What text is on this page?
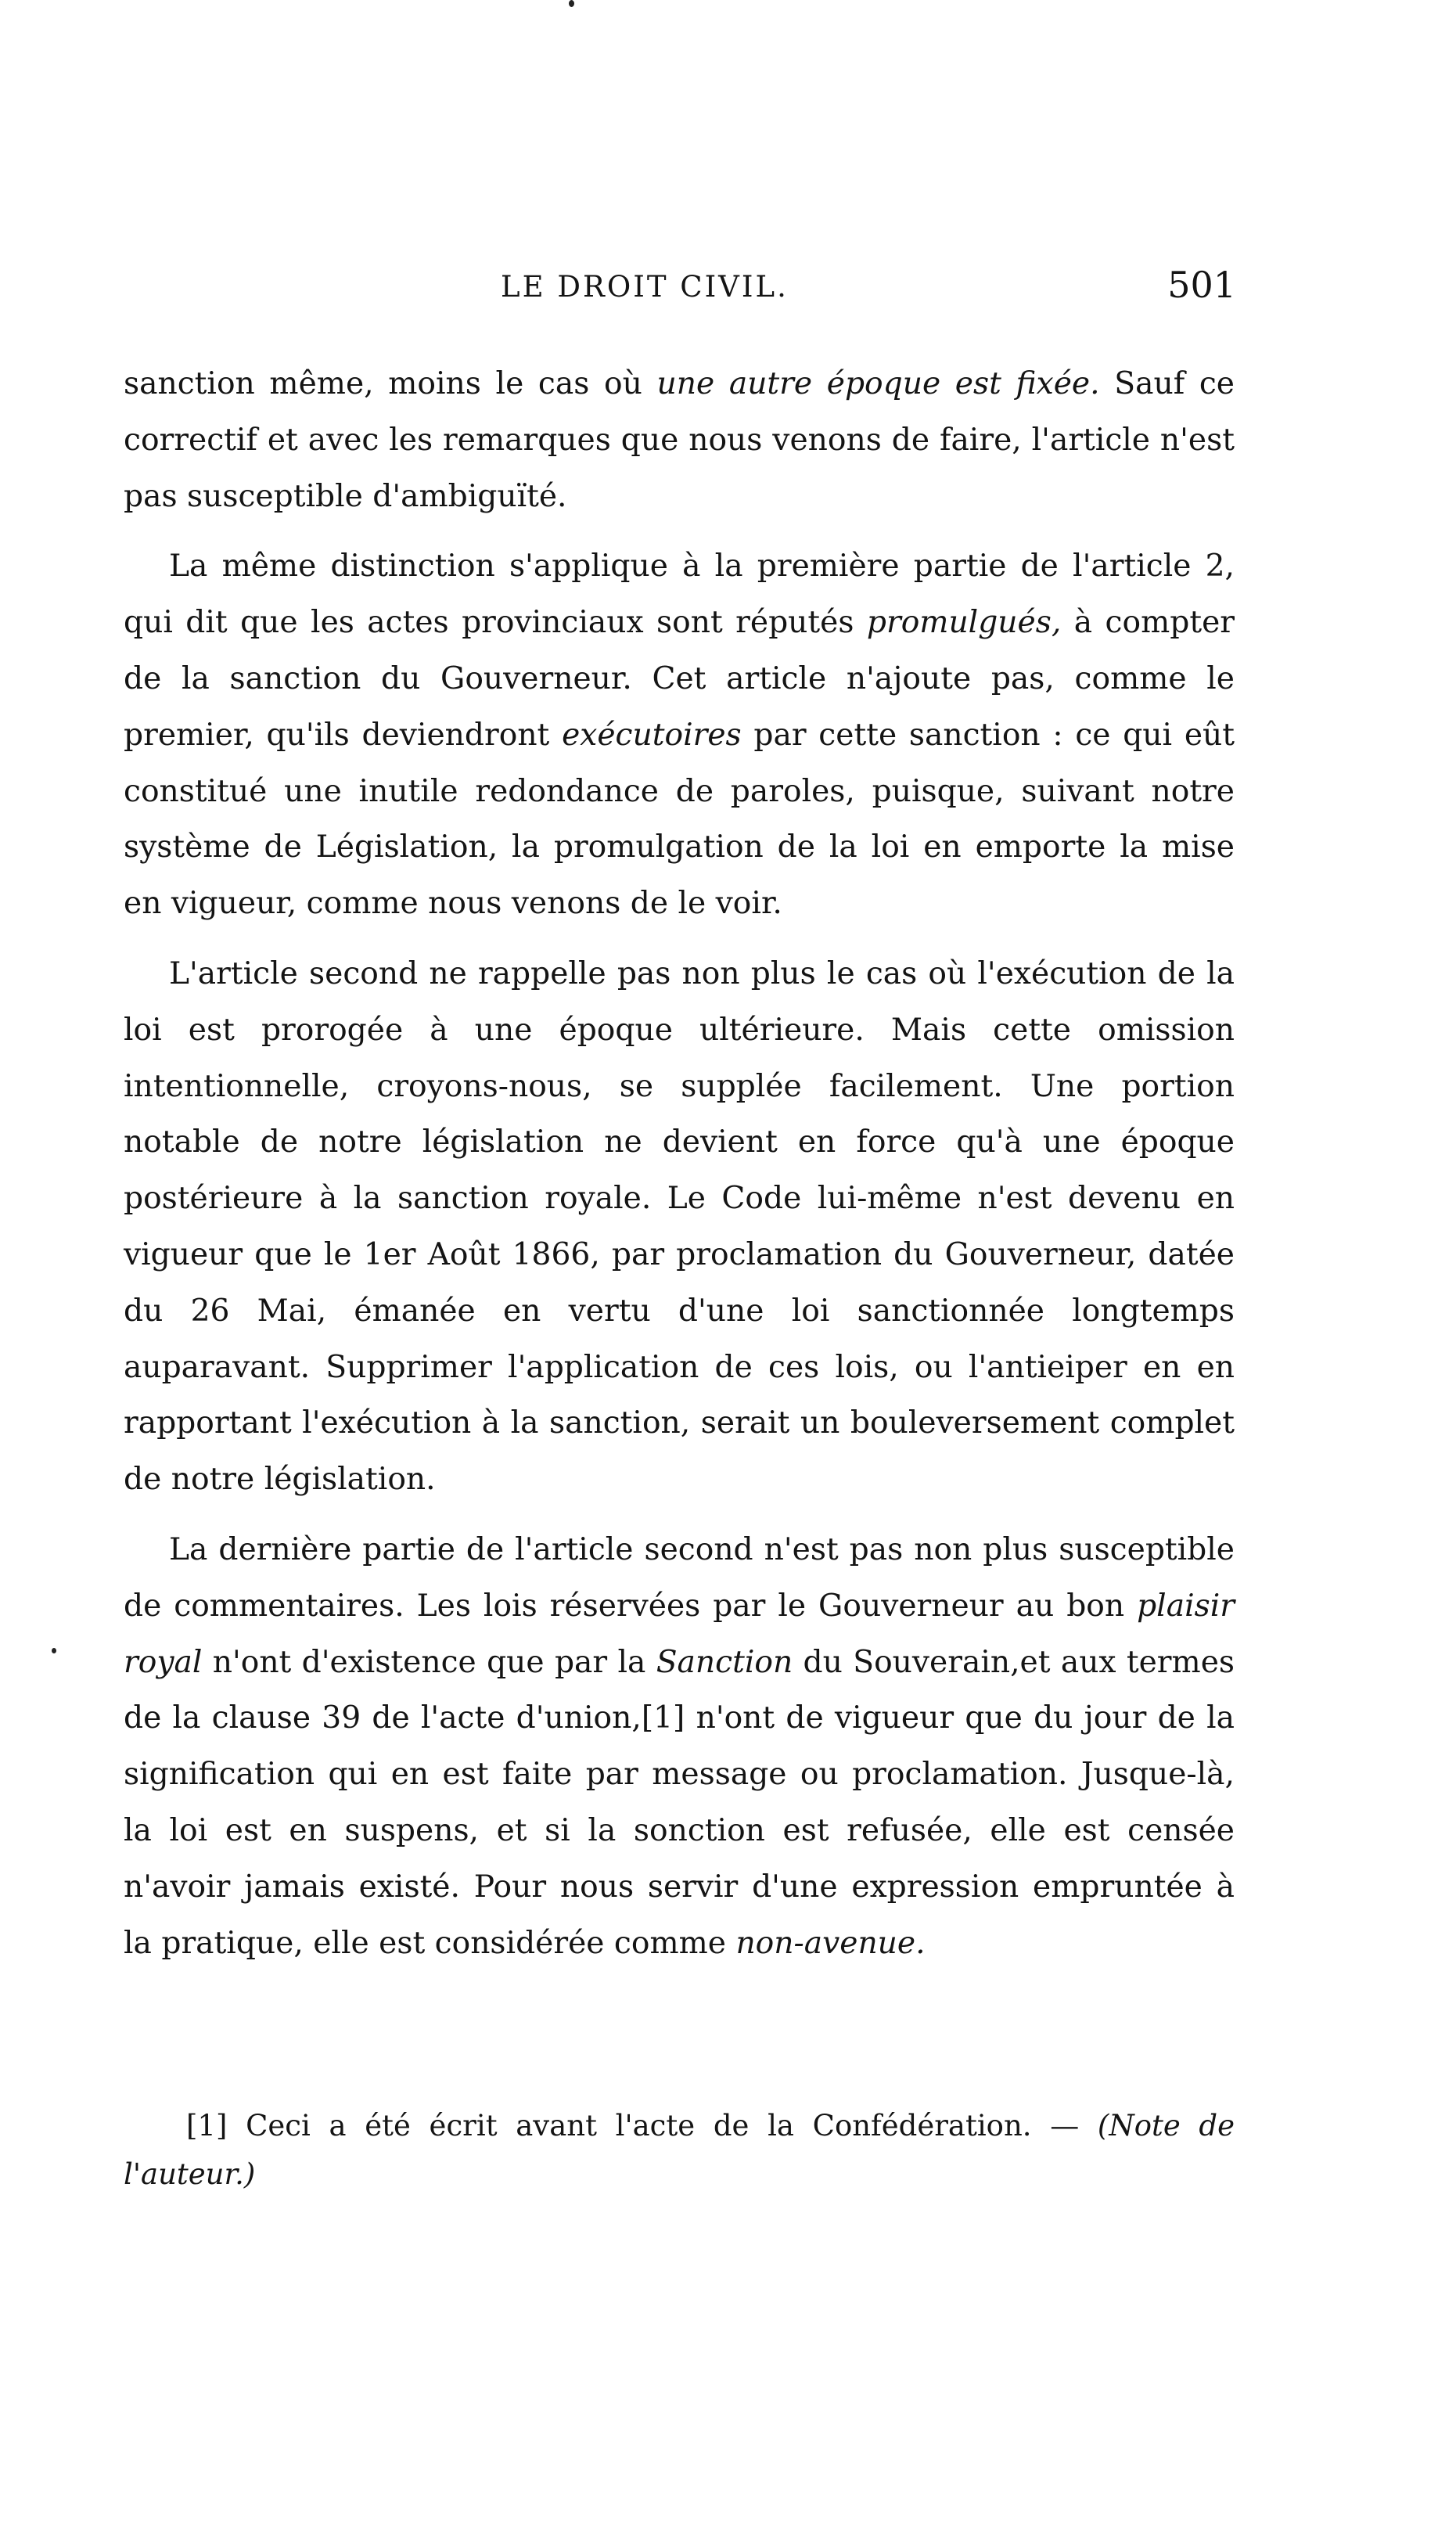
LE DROIT CIVIL.	501

sanction même, moins le cas où une autre époque est fixée. Sauf ce correctif et avec les remarques que nous venons de faire, l'article n'est pas susceptible d'ambiguïté.

La même distinction s'applique à la première partie de l'article 2, qui dit que les actes provinciaux sont réputés promulgués, à compter de la sanction du Gouverneur. Cet article n'ajoute pas, comme le premier, qu'ils deviendront exécutoires par cette sanction : ce qui eût constitué une inutile redondance de paroles, puisque, suivant notre système de Législation, la promulgation de la loi en emporte la mise en vigueur, comme nous venons de le voir.

L'article second ne rappelle pas non plus le cas où l'exécution de la loi est prorogée à une époque ultérieure. Mais cette omission intentionnelle, croyons-nous, se supplée facilement. Une portion notable de notre législation ne devient en force qu'à une époque postérieure à la sanction royale. Le Code lui-même n'est devenu en vigueur que le 1er Août 1866, par proclamation du Gouverneur, datée du 26 Mai, émanée en vertu d'une loi sanctionnée longtemps auparavant. Supprimer l'application de ces lois, ou l'antieiper en en rapportant l'exécution à la sanction, serait un bouleversement complet de notre législation.

La dernière partie de l'article second n'est pas non plus susceptible de commentaires. Les lois réservées par le Gouverneur au bon plaisir royal n'ont d'existence que par la Sanction du Souverain,et aux termes de la clause 39 de l'acte d'union,[1] n'ont de vigueur que du jour de la signification qui en est faite par message ou proclamation. Jusque-là, la loi est en suspens, et si la sonction est refusée, elle est censée n'avoir jamais existé. Pour nous servir d'une expression empruntée à la pratique, elle est considérée comme non-avenue.

[1] Ceci a été écrit avant l'acte de la Confédération. — (Note de l'auteur.)
